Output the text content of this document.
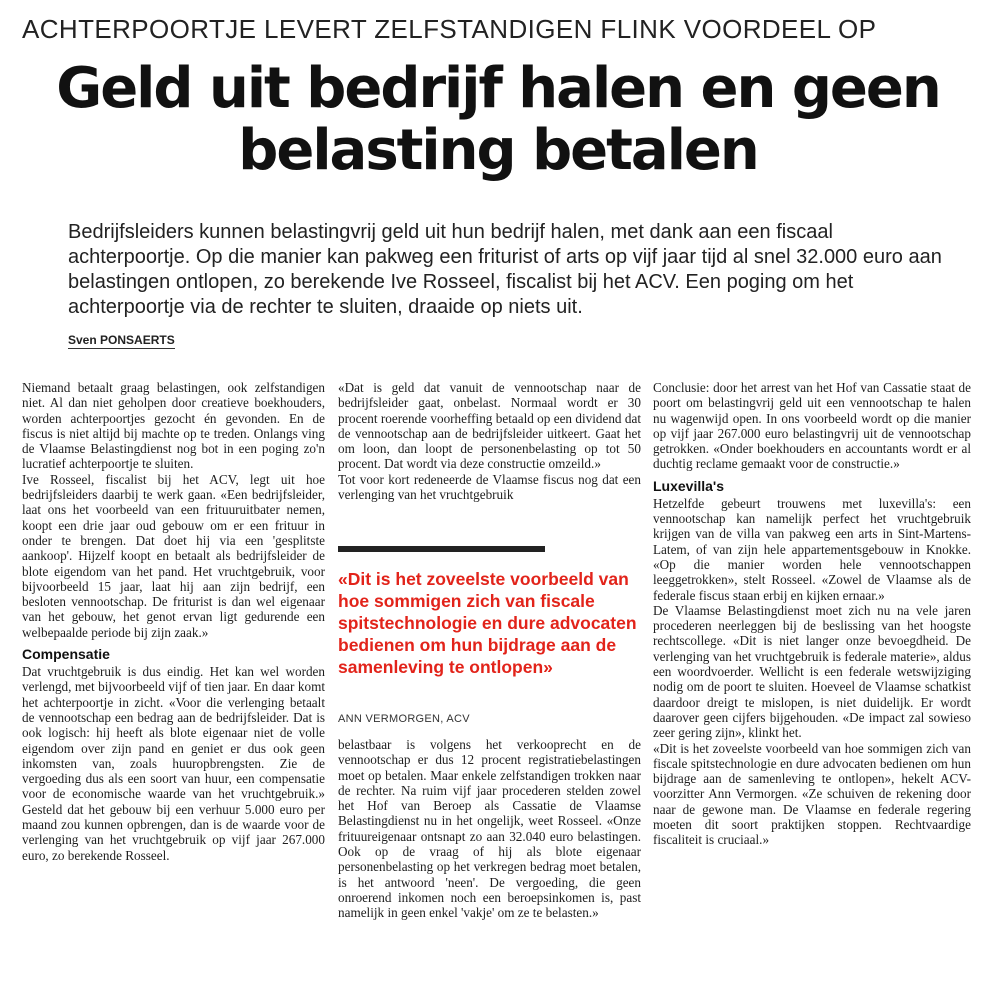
ACHTERPOORTJE LEVERT ZELFSTANDIGEN FLINK VOORDEEL OP
Geld uit bedrijf halen en geen belasting betalen

Bedrijfsleiders kunnen belastingvrij geld uit hun bedrijf halen, met dank aan een fiscaal achterpoortje. Op die manier kan pakweg een friturist of arts op vijf jaar tijd al snel 32.000 euro aan belastingen ontlopen, zo berekende Ive Rosseel, fiscalist bij het ACV. Een poging om het achterpoortje via de rechter te sluiten, draaide op niets uit.

Sven PONSAERTS

Niemand betaalt graag belastingen, ook zelfstandigen niet. Al dan niet geholpen door creatieve boekhouders, worden achterpoortjes gezocht én gevonden. En de fiscus is niet altijd bij machte op te treden. Onlangs ving de Vlaamse Belastingdienst nog bot in een poging zo'n lucratief achterpoortje te sluiten.

Ive Rosseel, fiscalist bij het ACV, legt uit hoe bedrijfsleiders daarbij te werk gaan. «Een bedrijfsleider, laat ons het voorbeeld van een frituuruitbater nemen, koopt een drie jaar oud gebouw om er een frituur in onder te brengen. Dat doet hij via een 'gesplitste aankoop'. Hijzelf koopt en betaalt als bedrijfsleider de blote eigendom van het pand. Het vruchtgebruik, voor bijvoorbeeld 15 jaar, laat hij aan zijn bedrijf, een besloten vennootschap. De friturist is dan wel eigenaar van het gebouw, het genot ervan ligt gedurende een welbepaalde periode bij zijn zaak.»

Compensatie

Dat vruchtgebruik is dus eindig. Het kan wel worden verlengd, met bijvoorbeeld vijf of tien jaar. En daar komt het achterpoortje in zicht. «Voor die verlenging betaalt de vennootschap een bedrag aan de bedrijfsleider. Dat is ook logisch: hij heeft als blote eigenaar niet de volle eigendom over zijn pand en geniet er dus ook geen inkomsten van, zoals huuropbrengsten. Zie de vergoeding dus als een soort van huur, een compensatie voor de economische waarde van het vruchtgebruik.» Gesteld dat het gebouw bij een verhuur 5.000 euro per maand zou kunnen opbrengen, dan is de waarde voor de verlenging van het vruchtgebruik op vijf jaar 267.000 euro, zo berekende Rosseel.

«Dat is geld dat vanuit de vennootschap naar de bedrijfsleider gaat, onbelast. Normaal wordt er 30 procent roerende voorheffing betaald op een dividend dat de vennootschap aan de bedrijfsleider uitkeert. Gaat het om loon, dan loopt de personenbelasting op tot 50 procent. Dat wordt via deze constructie omzeild.»

Tot voor kort redeneerde de Vlaamse fiscus nog dat een verlenging van het vruchtgebruik

«Dit is het zoveelste voorbeeld van hoe sommigen zich van fiscale spitstechnologie en dure advocaten bedienen om hun bijdrage aan de samenleving te ontlopen»

ANN VERMORGEN, ACV

belastbaar is volgens het verkooprecht en de vennootschap er dus 12 procent registratiebelastingen moet op betalen. Maar enkele zelfstandigen trokken naar de rechter. Na ruim vijf jaar procederen stelden zowel het Hof van Beroep als Cassatie de Vlaamse Belastingdienst nu in het ongelijk, weet Rosseel. «Onze frituureigenaar ontsnapt zo aan 32.040 euro belastingen. Ook op de vraag of hij als blote eigenaar personenbelasting op het verkregen bedrag moet betalen, is het antwoord 'neen'. De vergoeding, die geen onroerend inkomen noch een beroepsinkomen is, past namelijk in geen enkel 'vakje' om ze te belasten.»

Conclusie: door het arrest van het Hof van Cassatie staat de poort om belastingvrij geld uit een vennootschap te halen nu wagenwijd open. In ons voorbeeld wordt op die manier op vijf jaar 267.000 euro belastingvrij uit de vennootschap getrokken. «Onder boekhouders en accountants wordt er al duchtig reclame gemaakt voor de constructie.»

Luxevilla's

Hetzelfde gebeurt trouwens met luxevilla's: een vennootschap kan namelijk perfect het vruchtgebruik krijgen van de villa van pakweg een arts in Sint-Martens-Latem, of van zijn hele appartementsgebouw in Knokke. «Op die manier worden hele vennootschappen leeggetrokken», stelt Rosseel. «Zowel de Vlaamse als de federale fiscus staan erbij en kijken ernaar.»

De Vlaamse Belastingdienst moet zich nu na vele jaren procederen neerleggen bij de beslissing van het hoogste rechtscollege. «Dit is niet langer onze bevoegdheid. De verlenging van het vruchtgebruik is federale materie», aldus een woordvoerder. Wellicht is een federale wetswijziging nodig om de poort te sluiten. Hoeveel de Vlaamse schatkist daardoor dreigt te mislopen, is niet duidelijk. Er wordt daarover geen cijfers bijgehouden. «De impact zal sowieso zeer gering zijn», klinkt het.

«Dit is het zoveelste voorbeeld van hoe sommigen zich van fiscale spitstechnologie en dure advocaten bedienen om hun bijdrage aan de samenleving te ontlopen», hekelt ACV-voorzitter Ann Vermorgen. «Ze schuiven de rekening door naar de gewone man. De Vlaamse en federale regering moeten dit soort praktijken stoppen. Rechtvaardige fiscaliteit is cruciaal.»
